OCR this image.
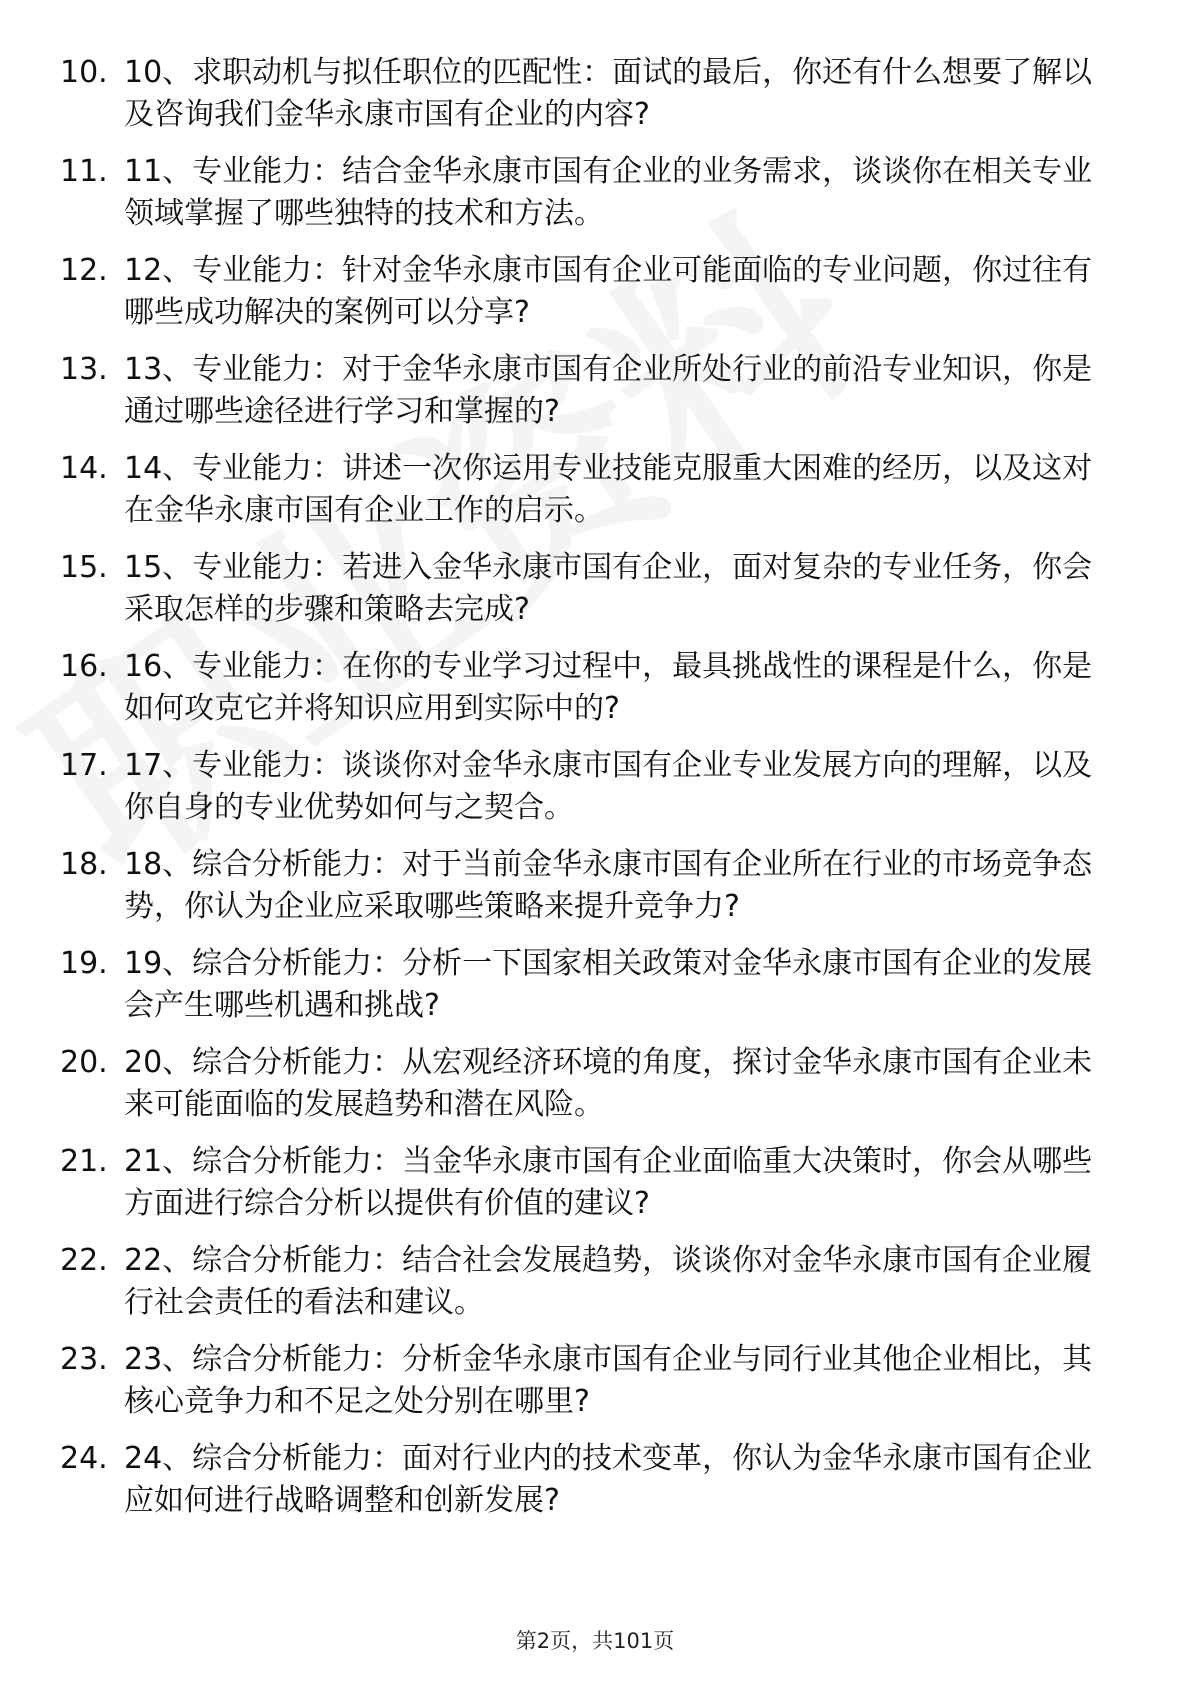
10. 10、求职动机与拟任职位的匹配性：面试的最后，你还有什么想要了解以及咨询我们金华永康市国有企业的内容?
11. 11、专业能力：结合金华永康市国有企业的业务需求，谈谈你在相关专业领域掌握了哪些独特的技术和方法。
12. 12、专业能力：针对金华永康市国有企业可能面临的专业问题，你过往有哪些成功解决的案例可以分享?
13. 13、专业能力：对于金华永康市国有企业所处行业的前沿专业知识，你是通过哪些途径进行学习和掌握的?
14. 14、专业能力：讲述一次你运用专业技能克服重大困难的经历，以及这对在金华永康市国有企业工作的启示。
15. 15、专业能力：若进入金华永康市国有企业，面对复杂的专业任务，你会采取怎样的步骤和策略去完成?
16. 16、专业能力：在你的专业学习过程中，最具挑战性的课程是什么，你是如何攻克它并将知识应用到实际中的?
17. 17、专业能力：谈谈你对金华永康市国有企业专业发展方向的理解，以及你自身的专业优势如何与之契合。
18. 18、综合分析能力：对于当前金华永康市国有企业所在行业的市场竞争态势，你认为企业应采取哪些策略来提升竞争力?
19. 19、综合分析能力：分析一下国家相关政策对金华永康市国有企业的发展会产生哪些机遇和挑战?
20. 20、综合分析能力：从宏观经济环境的角度，探讨金华永康市国有企业未来可能面临的发展趋势和潜在风险。
21. 21、综合分析能力：当金华永康市国有企业面临重大决策时，你会从哪些方面进行综合分析以提供有价值的建议?
22. 22、综合分析能力：结合社会发展趋势，谈谈你对金华永康市国有企业履行社会责任的看法和建议。
23. 23、综合分析能力：分析金华永康市国有企业与同行业其他企业相比，其核心竞争力和不足之处分别在哪里?
24. 24、综合分析能力：面对行业内的技术变革，你认为金华永康市国有企业应如何进行战略调整和创新发展?
第2页，共101页
